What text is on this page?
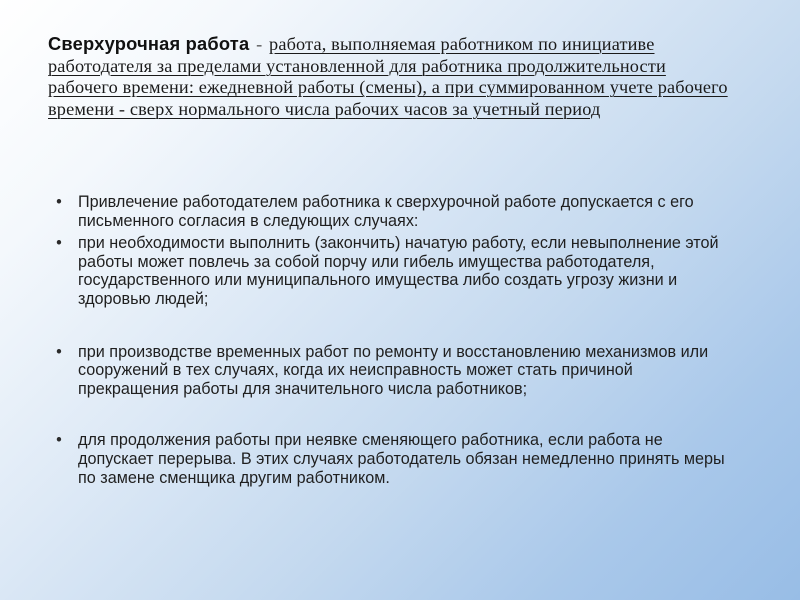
Сверхурочная работа - работа, выполняемая работником по инициативе работодателя за пределами установленной для работника продолжительности рабочего времени: ежедневной работы (смены), а при суммированном учете рабочего времени - сверх нормального числа рабочих часов за учетный период

• Привлечение работодателем работника к сверхурочной работе допускается с его письменного согласия в следующих случаях:
• при необходимости выполнить (закончить) начатую работу, если невыполнение этой работы может повлечь за собой порчу или гибель имущества работодателя, государственного или муниципального имущества либо создать угрозу жизни и здоровью людей;
• при производстве временных работ по ремонту и восстановлению механизмов или сооружений в тех случаях, когда их неисправность может стать причиной прекращения работы для значительного числа работников;
• для продолжения работы при неявке сменяющего работника, если работа не допускает перерыва. В этих случаях работодатель обязан немедленно принять меры по замене сменщика другим работником.
